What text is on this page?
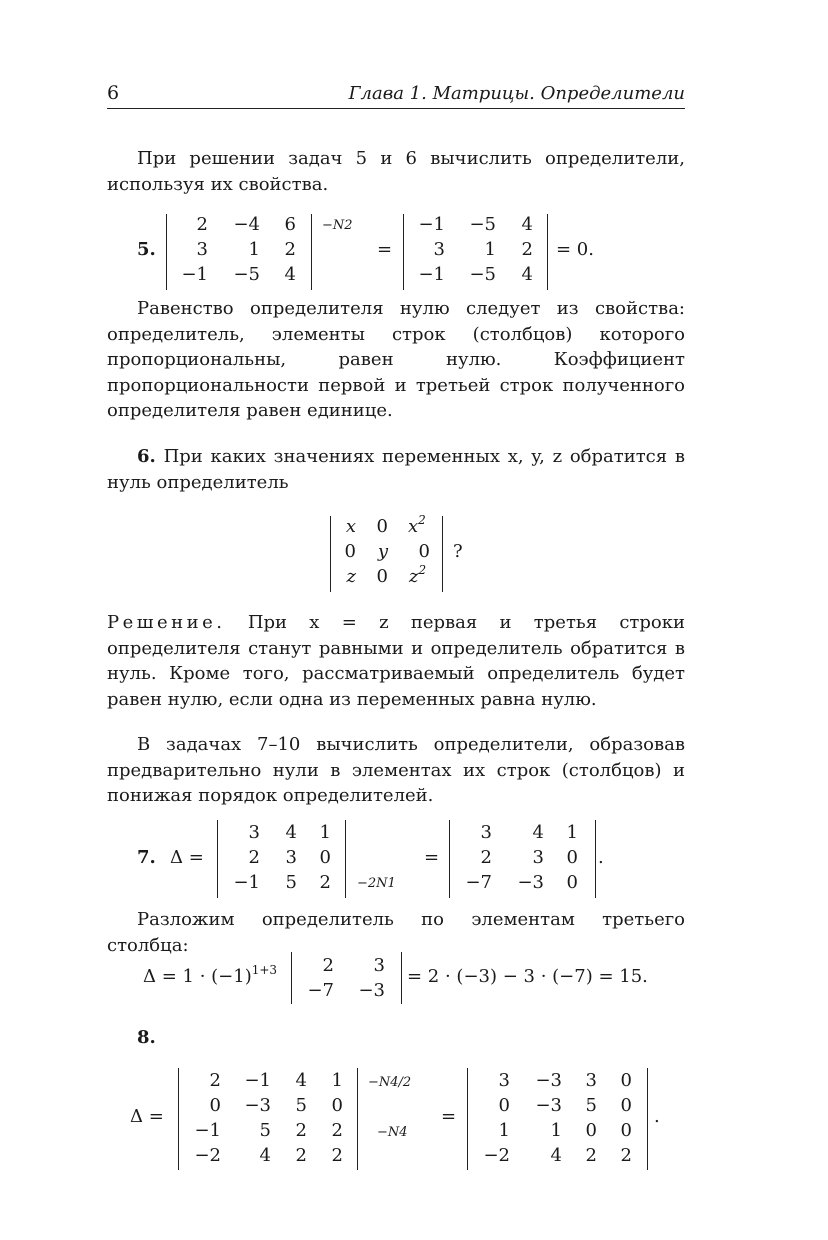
6	Глава 1. Матрицы. Определители
При решении задач 5 и 6 вычислить определители, используя их свойства.
5.
2	−4	6
3	1	2
−1	−5	4
−N2
=
−1	−5	4
3	1	2
−1	−5	4
= 0.
Равенство определителя нулю следует из свойства: определитель, элементы строк (столбцов) которого пропорциональны, равен нулю. Коэффициент пропорциональности первой и третьей строк полученного определителя равен единице.
6. При каких значениях переменных x, y, z обратится в нуль определитель
x	0 $x^2$
0	y	0
z	0 $z^2$
?
Решение. При x = z первая и третья строки определителя станут равными и определитель обратится в нуль. Кроме того, рассматриваемый определитель будет равен нулю, если одна из переменных равна нулю.
В задачах 7–10 вычислить определители, образовав предварительно нули в элементах их строк (столбцов) и понижая порядок определителей.
7. Δ =
3	4	1
2	3	0
−1	5	2 −2N1
=
3	4	1
2	3	0
−7	−3	0
.
Разложим определитель по элементам третьего столбца:
$\Delta = 1 \cdot (-1)^{1+3}$	2	3
−7	−3
= 2 · (−3) − 3 · (−7) = 15.
8.
Δ =
2	−1	4	1
0	−3	5	0
−1	5	2	2
−2	4	2	2
−N4/2
−N4
=
3	−3	3	0
0	−3	5	0
1	1	0	0
−2	4	2	2
.
